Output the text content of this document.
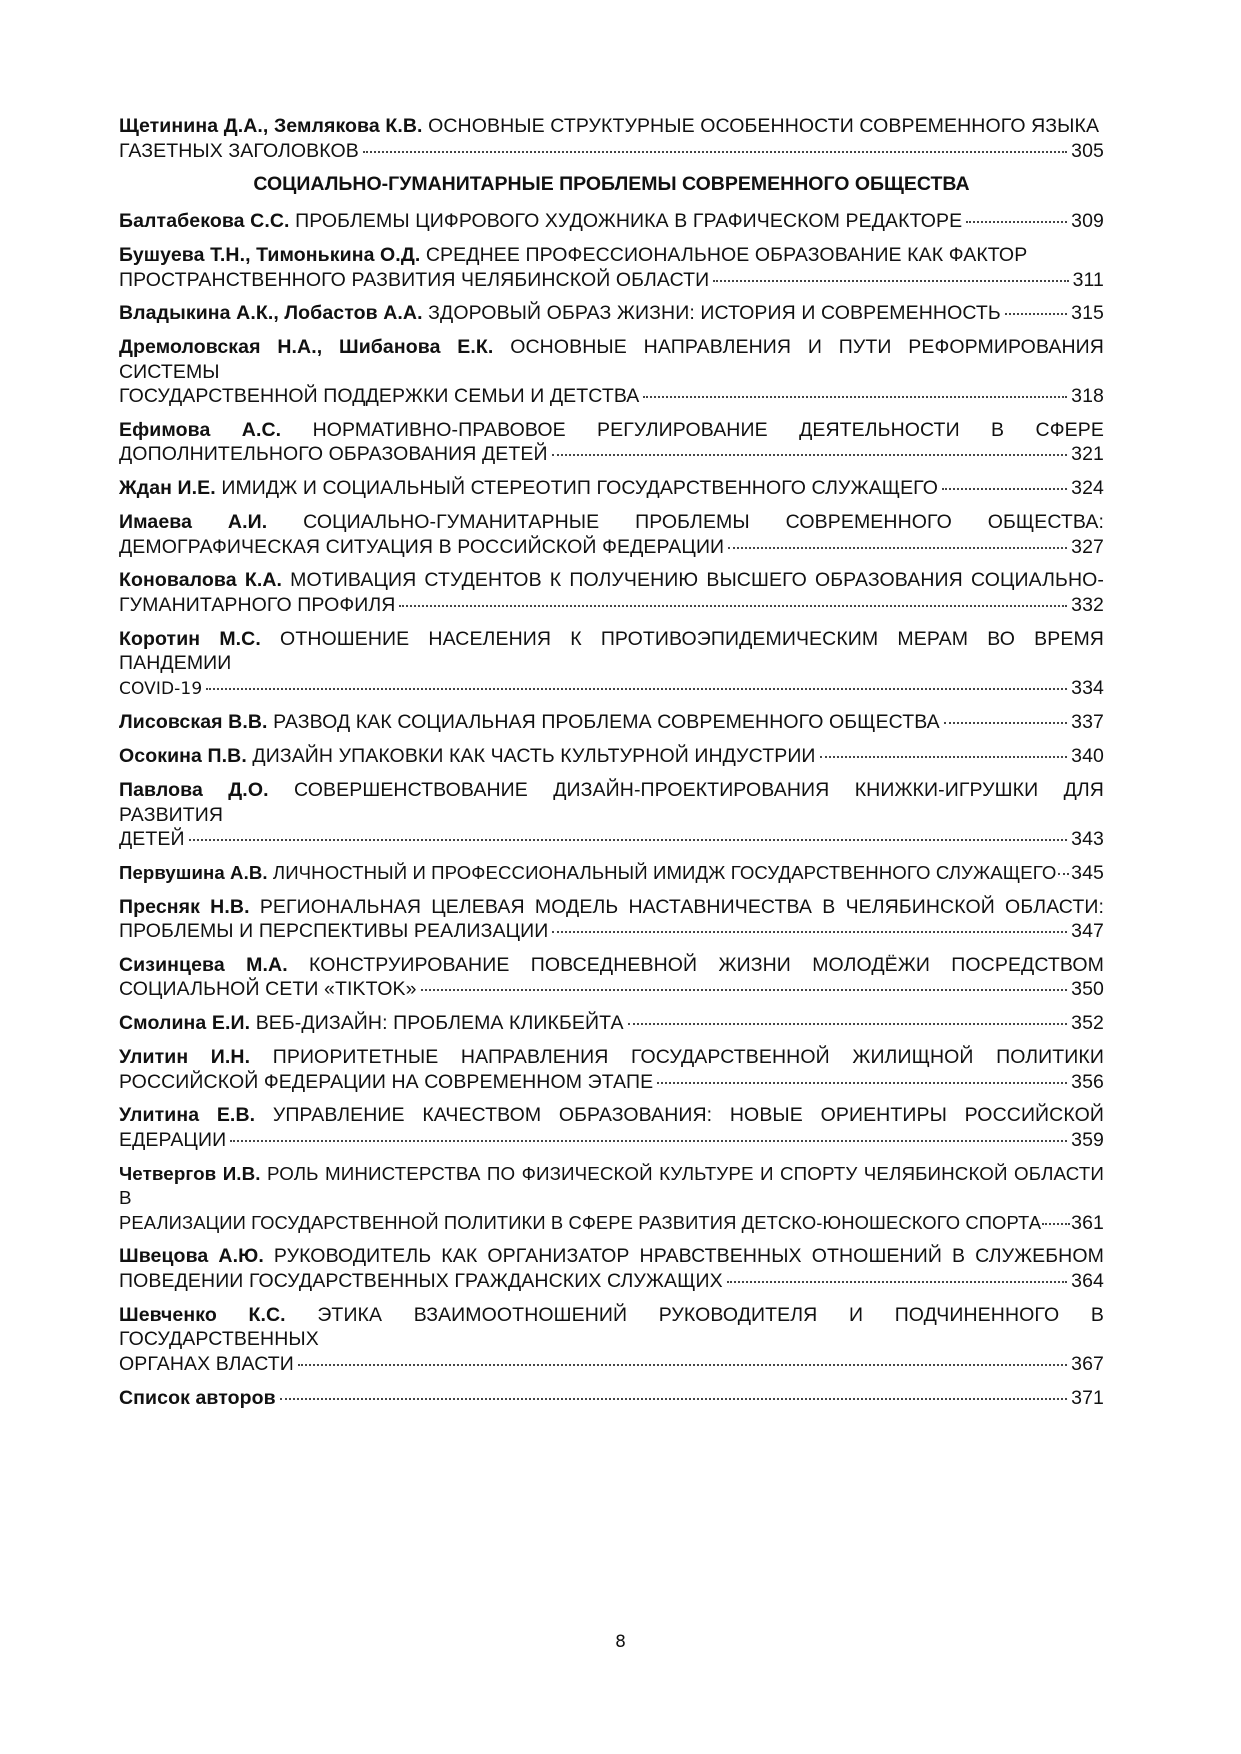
Щетинина Д.А., Землякова К.В. ОСНОВНЫЕ СТРУКТУРНЫЕ ОСОБЕННОСТИ СОВРЕМЕННОГО ЯЗЫКА
ГАЗЕТНЫХ ЗАГОЛОВКОВ	305
СОЦИАЛЬНО-ГУМАНИТАРНЫЕ ПРОБЛЕМЫ СОВРЕМЕННОГО ОБЩЕСТВА
Балтабекова С.С. ПРОБЛЕМЫ ЦИФРОВОГО ХУДОЖНИКА В ГРАФИЧЕСКОМ РЕДАКТОРЕ	309
Бушуева Т.Н., Тимонькина О.Д. СРЕДНЕЕ ПРОФЕССИОНАЛЬНОЕ ОБРАЗОВАНИЕ КАК ФАКТОР
ПРОСТРАНСТВЕННОГО РАЗВИТИЯ ЧЕЛЯБИНСКОЙ ОБЛАСТИ	311
Владыкина А.К., Лобастов А.А. ЗДОРОВЫЙ ОБРАЗ ЖИЗНИ: ИСТОРИЯ И СОВРЕМЕННОСТЬ	315
Дремоловская Н.А., Шибанова Е.К. ОСНОВНЫЕ НАПРАВЛЕНИЯ И ПУТИ РЕФОРМИРОВАНИЯ СИСТЕМЫ
ГОСУДАРСТВЕННОЙ ПОДДЕРЖКИ СЕМЬИ И ДЕТСТВА	318
Ефимова А.С. НОРМАТИВНО-ПРАВОВОЕ РЕГУЛИРОВАНИЕ ДЕЯТЕЛЬНОСТИ В СФЕРЕ
ДОПОЛНИТЕЛЬНОГО ОБРАЗОВАНИЯ ДЕТЕЙ	321
Ждан И.Е. ИМИДЖ И СОЦИАЛЬНЫЙ СТЕРЕОТИП ГОСУДАРСТВЕННОГО СЛУЖАЩЕГО	324
Имаева А.И. СОЦИАЛЬНО-ГУМАНИТАРНЫЕ ПРОБЛЕМЫ СОВРЕМЕННОГО ОБЩЕСТВА:
ДЕМОГРАФИЧЕСКАЯ СИТУАЦИЯ В РОССИЙСКОЙ ФЕДЕРАЦИИ	327
Коновалова К.А. МОТИВАЦИЯ СТУДЕНТОВ К ПОЛУЧЕНИЮ ВЫСШЕГО ОБРАЗОВАНИЯ СОЦИАЛЬНО-
ГУМАНИТАРНОГО ПРОФИЛЯ	332
Коротин М.С. ОТНОШЕНИЕ НАСЕЛЕНИЯ К ПРОТИВОЭПИДЕМИЧЕСКИМ МЕРАМ ВО ВРЕМЯ ПАНДЕМИИ
COVID-19	334
Лисовская В.В. РАЗВОД КАК СОЦИАЛЬНАЯ ПРОБЛЕМА СОВРЕМЕННОГО ОБЩЕСТВА	337
Осокина П.В. ДИЗАЙН УПАКОВКИ КАК ЧАСТЬ КУЛЬТУРНОЙ ИНДУСТРИИ	340
Павлова Д.О. СОВЕРШЕНСТВОВАНИЕ ДИЗАЙН-ПРОЕКТИРОВАНИЯ КНИЖКИ-ИГРУШКИ ДЛЯ РАЗВИТИЯ
ДЕТЕЙ	343
Первушина А.В. ЛИЧНОСТНЫЙ И ПРОФЕССИОНАЛЬНЫЙ ИМИДЖ ГОСУДАРСТВЕННОГО СЛУЖАЩЕГО 345
Пресняк Н.В. РЕГИОНАЛЬНАЯ ЦЕЛЕВАЯ МОДЕЛЬ НАСТАВНИЧЕСТВА В ЧЕЛЯБИНСКОЙ ОБЛАСТИ:
ПРОБЛЕМЫ И ПЕРСПЕКТИВЫ РЕАЛИЗАЦИИ	347
Сизинцева М.А. КОНСТРУИРОВАНИЕ ПОВСЕДНЕВНОЙ ЖИЗНИ МОЛОДЁЖИ ПОСРЕДСТВОМ
СОЦИАЛЬНОЙ СЕТИ «TIKTOK»	350
Смолина Е.И. ВЕБ-ДИЗАЙН: ПРОБЛЕМА КЛИКБЕЙТА	352
Улитин И.Н. ПРИОРИТЕТНЫЕ НАПРАВЛЕНИЯ ГОСУДАРСТВЕННОЙ ЖИЛИЩНОЙ ПОЛИТИКИ
РОССИЙСКОЙ ФЕДЕРАЦИИ НА СОВРЕМЕННОМ ЭТАПЕ	356
Улитина Е.В. УПРАВЛЕНИЕ КАЧЕСТВОМ ОБРАЗОВАНИЯ: НОВЫЕ ОРИЕНТИРЫ РОССИЙСКОЙ
ЕДЕРАЦИИ	359
Четвергов И.В. РОЛЬ МИНИСТЕРСТВА ПО ФИЗИЧЕСКОЙ КУЛЬТУРЕ И СПОРТУ ЧЕЛЯБИНСКОЙ ОБЛАСТИ В
РЕАЛИЗАЦИИ ГОСУДАРСТВЕННОЙ ПОЛИТИКИ В СФЕРЕ РАЗВИТИЯ ДЕТСКО-ЮНОШЕСКОГО СПОРТА 361
Швецова А.Ю. РУКОВОДИТЕЛЬ КАК ОРГАНИЗАТОР НРАВСТВЕННЫХ ОТНОШЕНИЙ В СЛУЖЕБНОМ
ПОВЕДЕНИИ ГОСУДАРСТВЕННЫХ ГРАЖДАНСКИХ СЛУЖАЩИХ	364
Шевченко К.С. ЭТИКА ВЗАИМООТНОШЕНИЙ РУКОВОДИТЕЛЯ И ПОДЧИНЕННОГО В ГОСУДАРСТВЕННЫХ
ОРГАНАХ ВЛАСТИ	367
Список авторов	371
8
